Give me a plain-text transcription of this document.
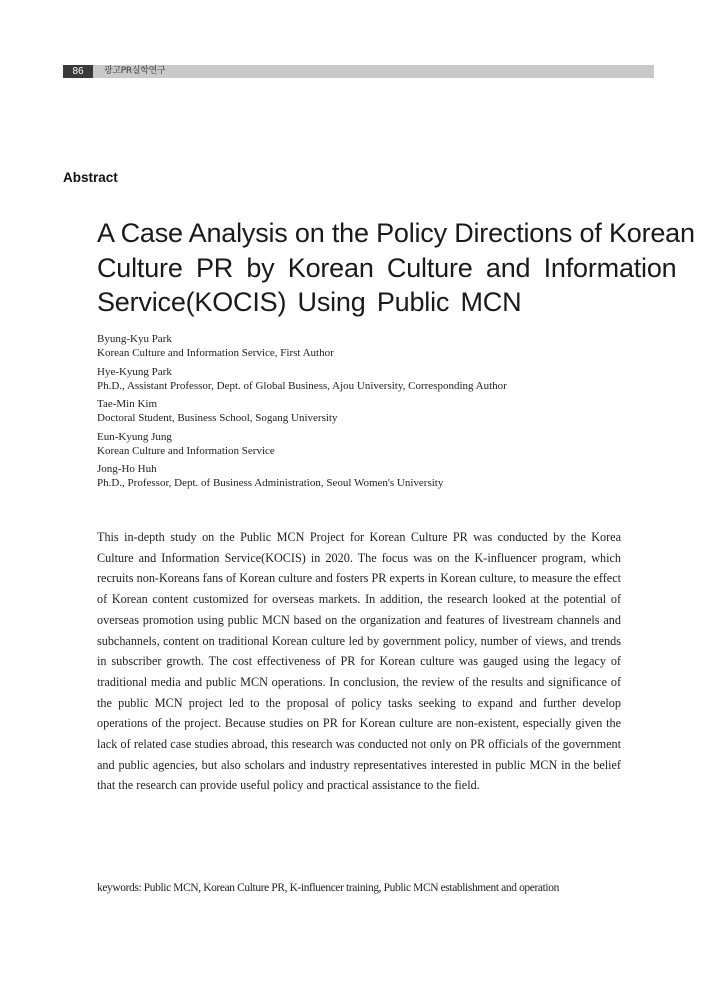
86	광고PR실학연구
Abstract
A Case Analysis on the Policy Directions of Korean
Culture PR by Korean Culture and Information
Service(KOCIS) Using Public MCN
Byung-Kyu Park
Korean Culture and Information Service, First Author
Hye-Kyung Park
Ph.D., Assistant Professor, Dept. of Global Business, Ajou University, Corresponding Author
Tae-Min Kim
Doctoral Student, Business School, Sogang University
Eun-Kyung Jung
Korean Culture and Information Service
Jong-Ho Huh
Ph.D., Professor, Dept. of Business Administration, Seoul Women's University

This in-depth study on the Public MCN Project for Korean Culture PR was conducted by the Korea Culture and Information Service(KOCIS) in 2020. The focus was on the K-influencer program, which recruits non-Koreans fans of Korean culture and fosters PR experts in Korean culture, to measure the effect of Korean content customized for overseas markets. In addition, the research looked at the potential of overseas promotion using public MCN based on the organization and features of livestream channels and subchannels, content on traditional Korean culture led by government policy, number of views, and trends in subscriber growth. The cost effectiveness of PR for Korean culture was gauged using the legacy of traditional media and public MCN operations. In conclusion, the review of the results and significance of the public MCN project led to the proposal of policy tasks seeking to expand and further develop operations of the project. Because studies on PR for Korean culture are non-existent, especially given the lack of related case studies abroad, this research was conducted not only on PR officials of the government and public agencies, but also scholars and industry representatives interested in public MCN in the belief that the research can provide useful policy and practical assistance to the field.

keywords: Public MCN, Korean Culture PR, K-influencer training, Public MCN establishment and operation
